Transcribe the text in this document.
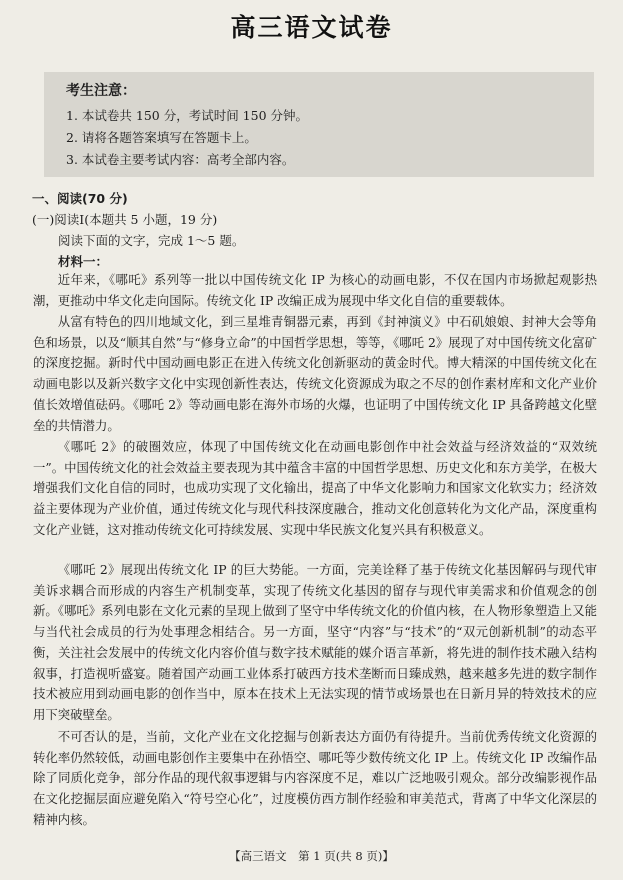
高三语文试卷
考生注意：
1. 本试卷共 150 分，考试时间 150 分钟。
2. 请将各题答案填写在答题卡上。
3. 本试卷主要考试内容：高考全部内容。
一、阅读(70 分)
(一)阅读Ⅰ(本题共 5 小题，19 分)
阅读下面的文字，完成 1～5 题。
材料一：

近年来，《哪吒》系列等一批以中国传统文化 IP 为核心的动画电影，不仅在国内市场掀起观影热潮，更推动中华文化走向国际。传统文化 IP 改编正成为展现中华文化自信的重要载体。

从富有特色的四川地域文化，到三星堆青铜器元素，再到《封神演义》中石矶娘娘、封神大会等角色和场景，以及“顺其自然”与“修身立命”的中国哲学思想，等等，《哪吒 2》展现了对中国传统文化富矿的深度挖掘。新时代中国动画电影正在进入传统文化创新驱动的黄金时代。博大精深的中国传统文化在动画电影以及新兴数字文化中实现创新性表达，传统文化资源成为取之不尽的创作素材库和文化产业价值长效增值砝码。《哪吒 2》等动画电影在海外市场的火爆，也证明了中国传统文化 IP 具备跨越文化壁垒的共情潜力。

《哪吒 2》的破圈效应，体现了中国传统文化在动画电影创作中社会效益与经济效益的“双效统一”。中国传统文化的社会效益主要表现为其中蕴含丰富的中国哲学思想、历史文化和东方美学，在极大增强我们文化自信的同时，也成功实现了文化输出，提高了中华文化影响力和国家文化软实力；经济效益主要体现为产业价值，通过传统文化与现代科技深度融合，推动文化创意转化为文化产品，深度重构文化产业链，这对推动传统文化可持续发展、实现中华民族文化复兴具有积极意义。

《哪吒 2》展现出传统文化 IP 的巨大势能。一方面，完美诠释了基于传统文化基因解码与现代审美诉求耦合而形成的内容生产机制变革，实现了传统文化基因的留存与现代审美需求和价值观念的创新。《哪吒》系列电影在文化元素的呈现上做到了坚守中华传统文化的价值内核，在人物形象塑造上又能与当代社会成员的行为处事理念相结合。另一方面，坚守“内容”与“技术”的“双元创新机制”的动态平衡，关注社会发展中的传统文化内容价值与数字技术赋能的媒介语言革新，将先进的制作技术融入结构叙事，打造视听盛宴。随着国产动画工业体系打破西方技术垄断而日臻成熟，越来越多先进的数字制作技术被应用到动画电影的创作当中，原本在技术上无法实现的情节或场景也在日新月异的特效技术的应用下突破壁垒。

不可否认的是，当前，文化产业在文化挖掘与创新表达方面仍有待提升。当前优秀传统文化资源的转化率仍然较低，动画电影创作主要集中在孙悟空、哪吒等少数传统文化 IP 上。传统文化 IP 改编作品除了同质化竞争，部分作品的现代叙事逻辑与内容深度不足，难以广泛地吸引观众。部分改编影视作品在文化挖掘层面应避免陷入“符号空心化”，过度模仿西方制作经验和审美范式，背离了中华文化深层的精神内核。

【高三语文　第 1 页(共 8 页)】
